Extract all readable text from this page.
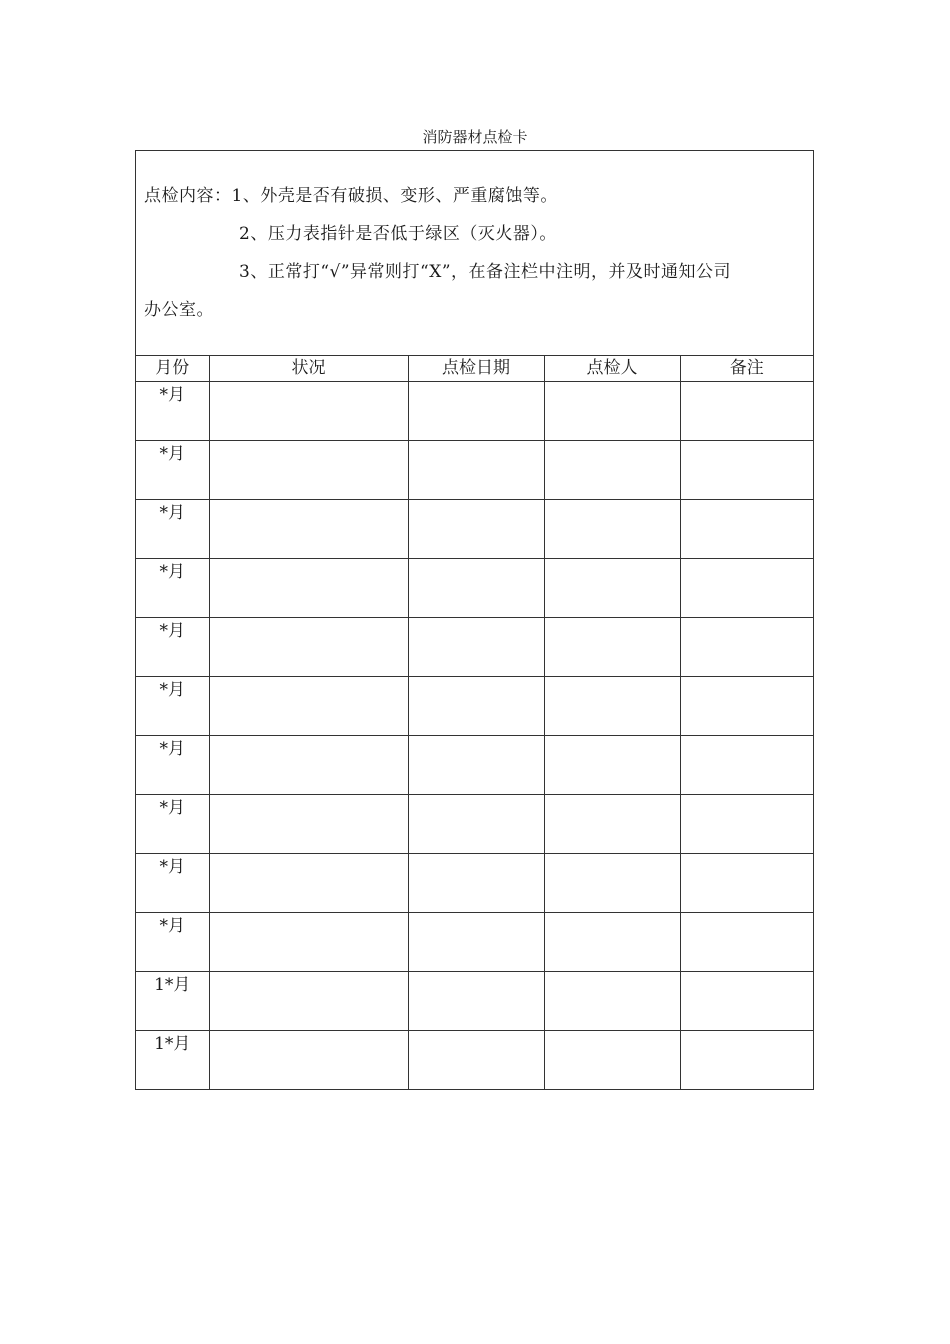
消防器材点检卡
点检内容：1、外壳是否有破损、变形、严重腐蚀等。
2、压力表指针是否低于绿区（灭火器）。
3、正常打“√”异常则打“X”，在备注栏中注明，并及时通知公司
办公室。
月份	状况	点检日期	点检人	备注
*月				
*月				
*月				
*月				
*月				
*月				
*月				
*月				
*月				
*月				
1*月				
1*月				
